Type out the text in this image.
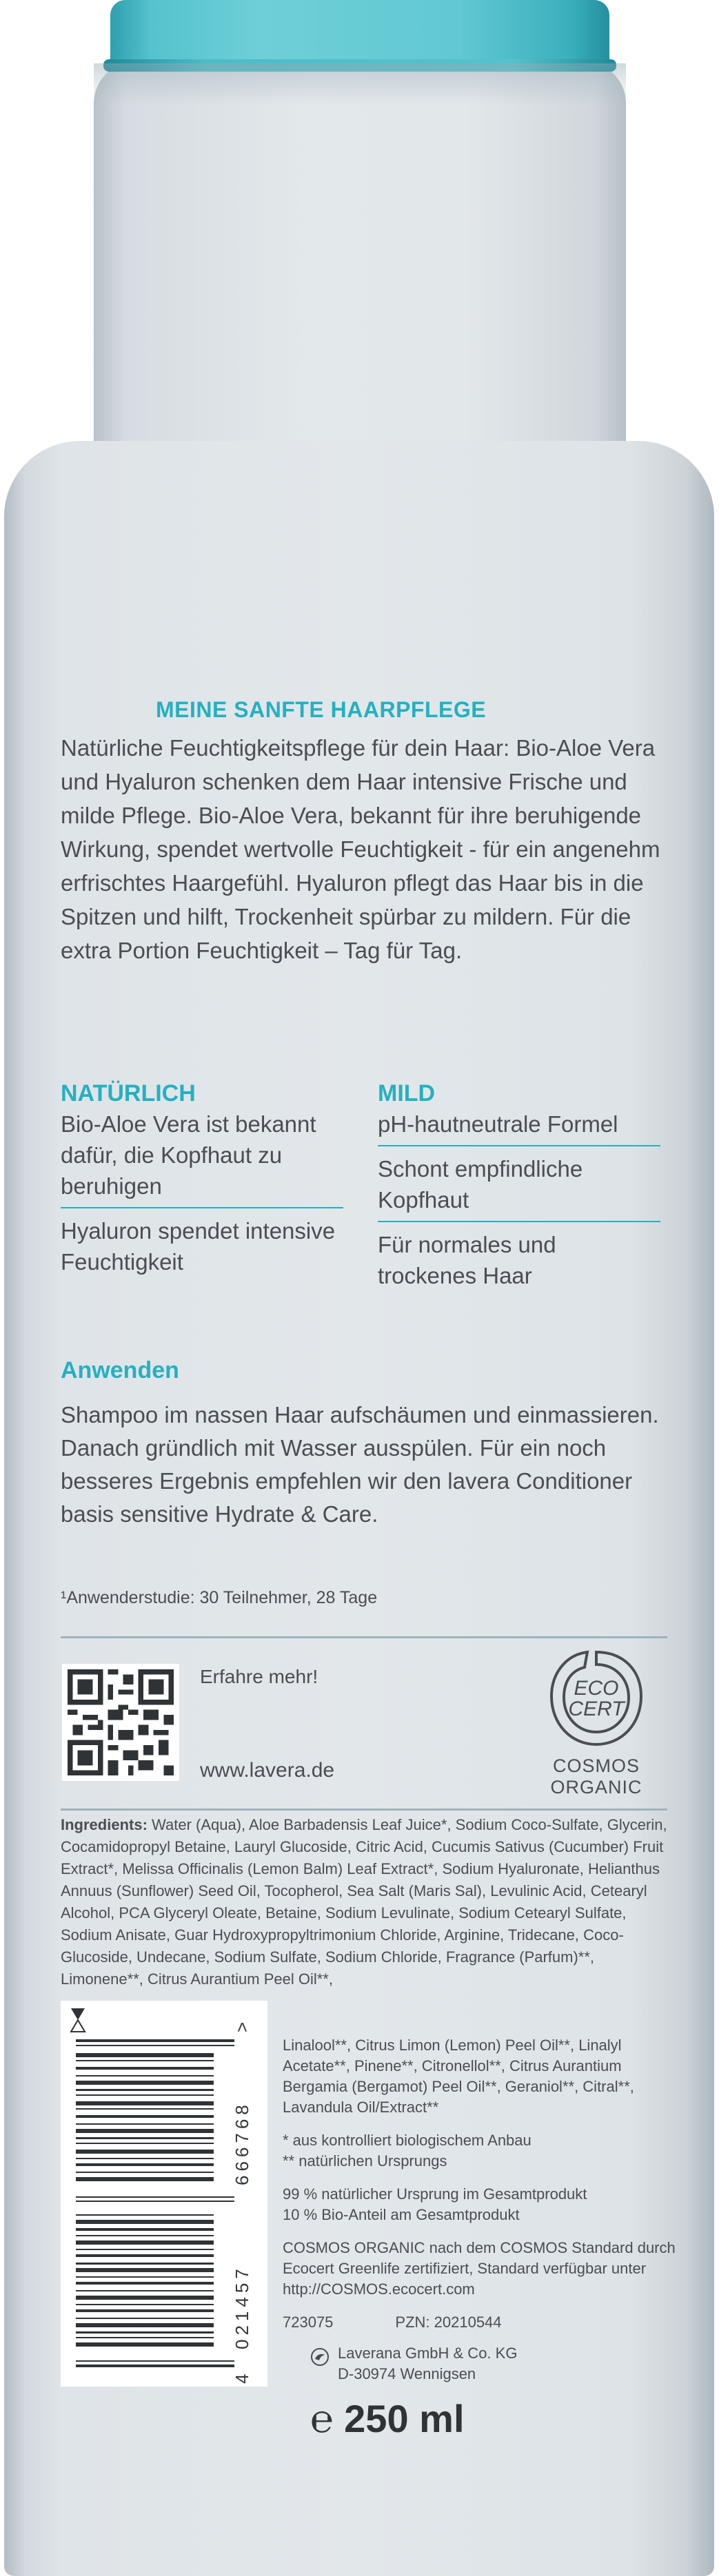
MEINE SANFTE HAARPFLEGE
Natürliche Feuchtigkeitspflege für dein Haar: Bio-Aloe Vera und Hyaluron schenken dem Haar intensive Frische und milde Pflege. Bio-Aloe Vera, bekannt für ihre beruhigende Wirkung, spendet wertvolle Feuchtigkeit - für ein angenehm erfrischtes Haargefühl. Hyaluron pflegt das Haar bis in die Spitzen und hilft, Trockenheit spürbar zu mildern. Für die extra Portion Feuchtigkeit – Tag für Tag.
NATÜRLICH
Bio-Aloe Vera ist bekannt dafür, die Kopfhaut zu beruhigen
Hyaluron spendet intensive Feuchtigkeit
MILD
pH-hautneutrale Formel
Schont empfindliche Kopfhaut
Für normales und trockenes Haar
Anwenden
Shampoo im nassen Haar aufschäumen und einmassieren. Danach gründlich mit Wasser ausspülen. Für ein noch besseres Ergebnis empfehlen wir den lavera Conditioner basis sensitive Hydrate & Care.
¹Anwenderstudie: 30 Teilnehmer, 28 Tage
Erfahre mehr!
www.lavera.de
ECO
CERT
COSMOS
ORGANIC
Ingredients: Water (Aqua), Aloe Barbadensis Leaf Juice*, Sodium Coco-Sulfate, Glycerin, Cocamidopropyl Betaine, Lauryl Glucoside, Citric Acid, Cucumis Sativus (Cucumber) Fruit Extract*, Melissa Officinalis (Lemon Balm) Leaf Extract*, Sodium Hyaluronate, Helianthus Annuus (Sunflower) Seed Oil, Tocopherol, Sea Salt (Maris Sal), Levulinic Acid, Cetearyl Alcohol, PCA Glyceryl Oleate, Betaine, Sodium Levulinate, Sodium Cetearyl Sulfate, Sodium Anisate, Guar Hydroxypropyltrimonium Chloride, Arginine, Tridecane, Coco-Glucoside, Undecane, Sodium Sulfate, Sodium Chloride, Fragrance (Parfum)**, Limonene**, Citrus Aurantium Peel Oil**,
4
021457
666768
>

Linalool**, Citrus Limon (Lemon) Peel Oil**, Linalyl Acetate**, Pinene**, Citronellol**, Citrus Aurantium Bergamia (Bergamot) Peel Oil**, Geraniol**, Citral**, Lavandula Oil/Extract**

* aus kontrolliert biologischem Anbau

** natürlichen Ursprungs

99 % natürlicher Ursprung im Gesamtprodukt

10 % Bio-Anteil am Gesamtprodukt

COSMOS ORGANIC nach dem COSMOS Standard durch Ecocert Greenlife zertifiziert, Standard verfügbar unter http://COSMOS.ecocert.com

723075	PZN: 20210544
Laverana GmbH & Co. KG
D-30974 Wennigsen
℮ 250 ml
